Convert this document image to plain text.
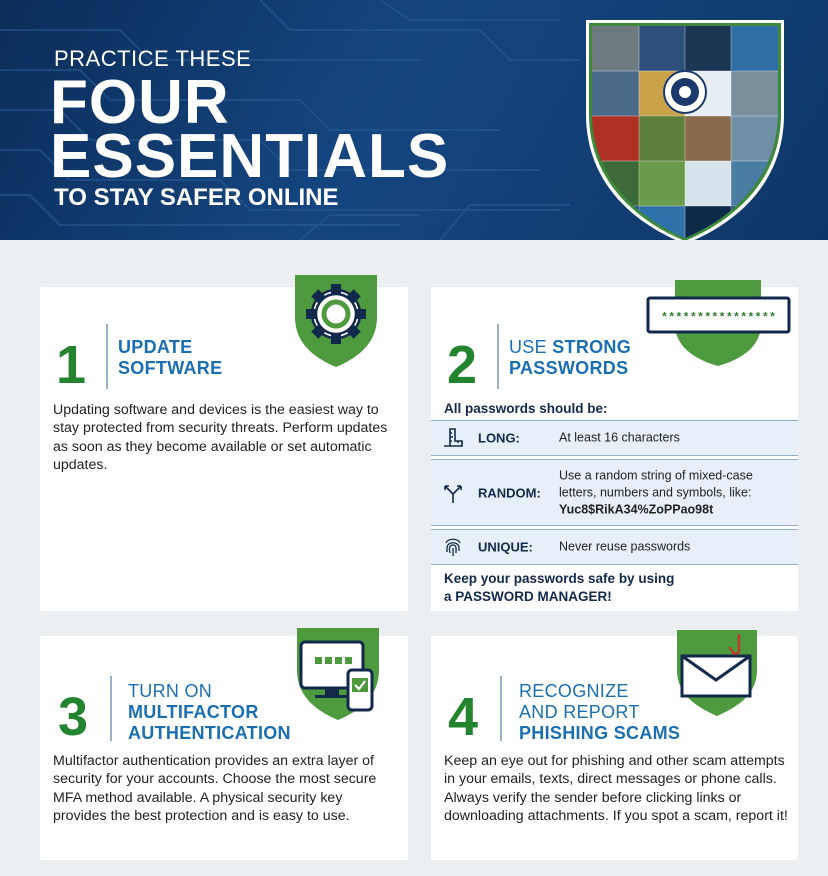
PRACTICE THESE
FOUR
ESSENTIALS
TO STAY SAFER ONLINE
1 UPDATE
SOFTWARE
Updating software and devices is the easiest way to stay protected from security threats. Perform updates as soon as they become available or set automatic updates.
****************
2 USE STRONG
PASSWORDS
All passwords should be:
LONG:	At least 16 characters
RANDOM:
Use a random string of mixed-case letters, numbers and symbols, like:
Yuc8$RikA34%ZoPPao98t
UNIQUE: Never reuse passwords
Keep your passwords safe by using
a PASSWORD MANAGER!
3 TURN ON
MULTIFACTOR
AUTHENTICATION
Multifactor authentication provides an extra layer of security for your accounts. Choose the most secure MFA method available. A physical security key provides the best protection and is easy to use.
4 RECOGNIZE
AND REPORT
PHISHING SCAMS
Keep an eye out for phishing and other scam attempts in your emails, texts, direct messages or phone calls. Always verify the sender before clicking links or downloading attachments. If you spot a scam, report it!
